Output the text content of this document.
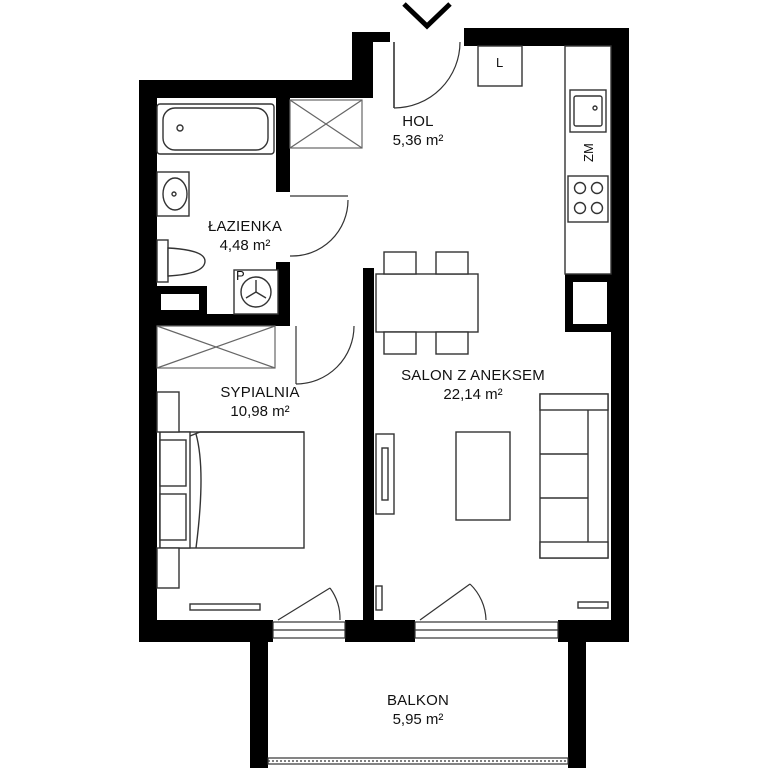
HOL
5,36 m²
ŁAZIENKA
4,48 m²
SYPIALNIA
10,98 m²
SALON Z ANEKSEM
22,14 m²
BALKON
5,95 m²
L
ZM
P
